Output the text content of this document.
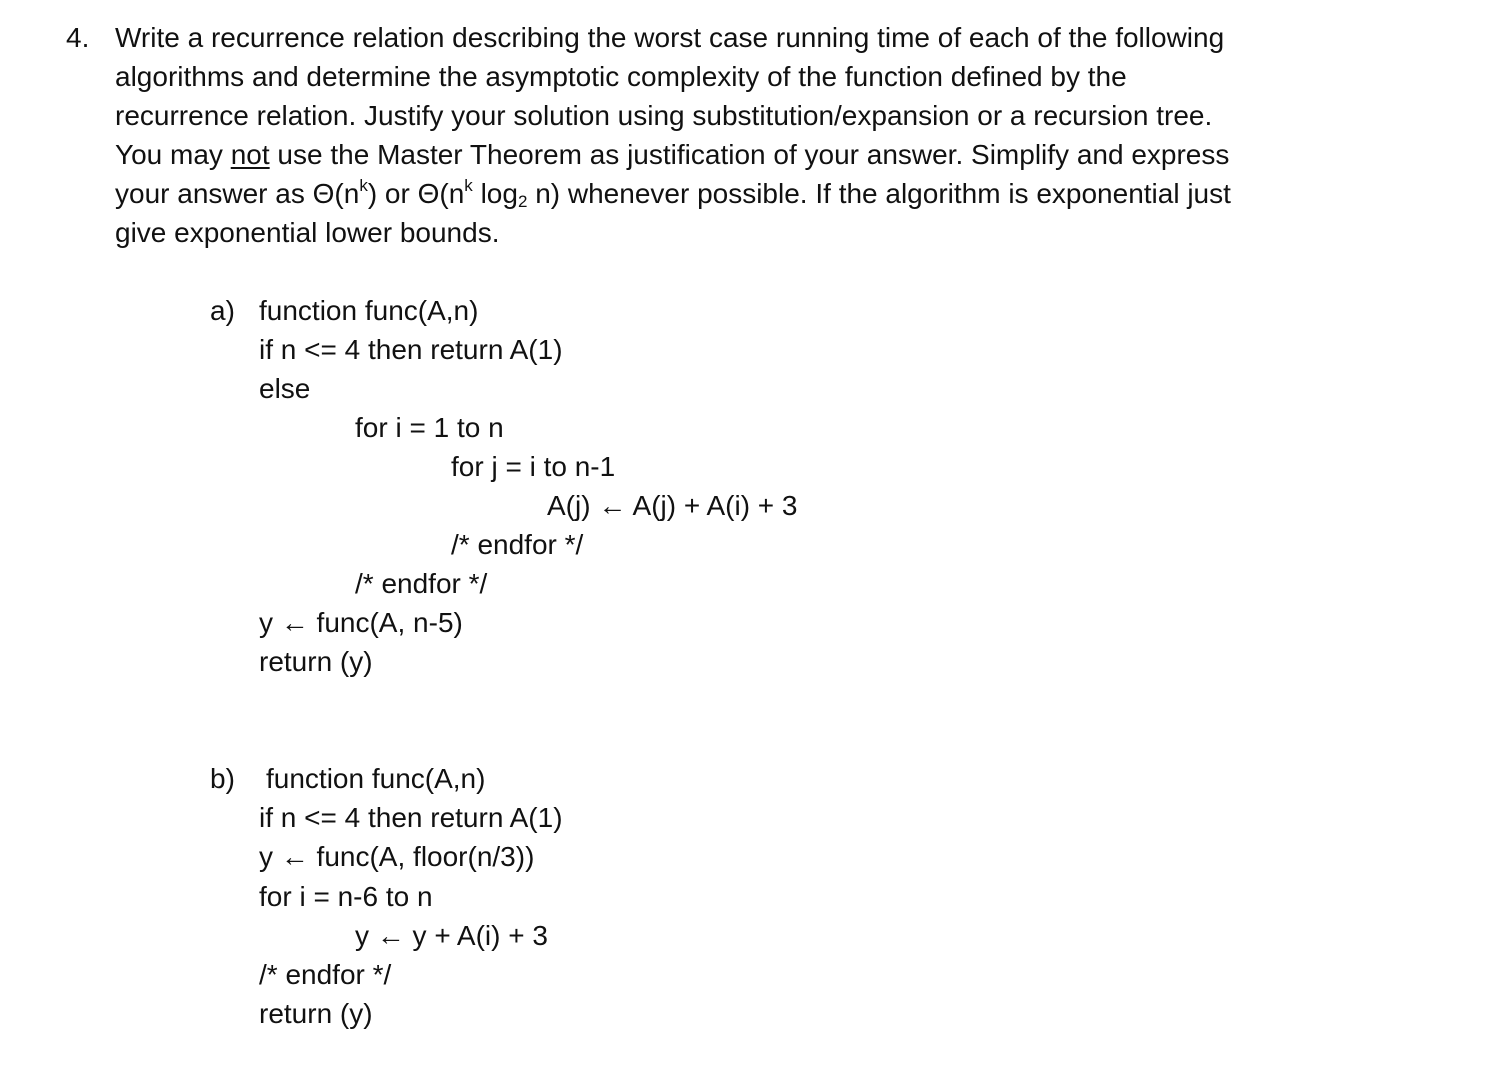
4. Write a recurrence relation describing the worst case running time of each of the following
algorithms and determine the asymptotic complexity of the function defined by the
recurrence relation. Justify your solution using substitution/expansion or a recursion tree.
You may not use the Master Theorem as justification of your answer. Simplify and express
your answer as $\Theta(n^k)$ or $\Theta(n^k$ $\log_2 n$) whenever possible. If the algorithm is exponential just
give exponential lower bounds.
a) function func(A,n)
if n <= 4 then return A(1)
else
for i = 1 to n
for j = i to n-1
A(j) ← A(j) + A(i) + 3
/* endfor */
/* endfor */
y ← func(A, n-5)
return (y)
b) function func(A,n)
if n <= 4 then return A(1)
y ← func(A, floor(n/3))
for i = n-6 to n
y ← y + A(i) + 3
/* endfor */
return (y)
